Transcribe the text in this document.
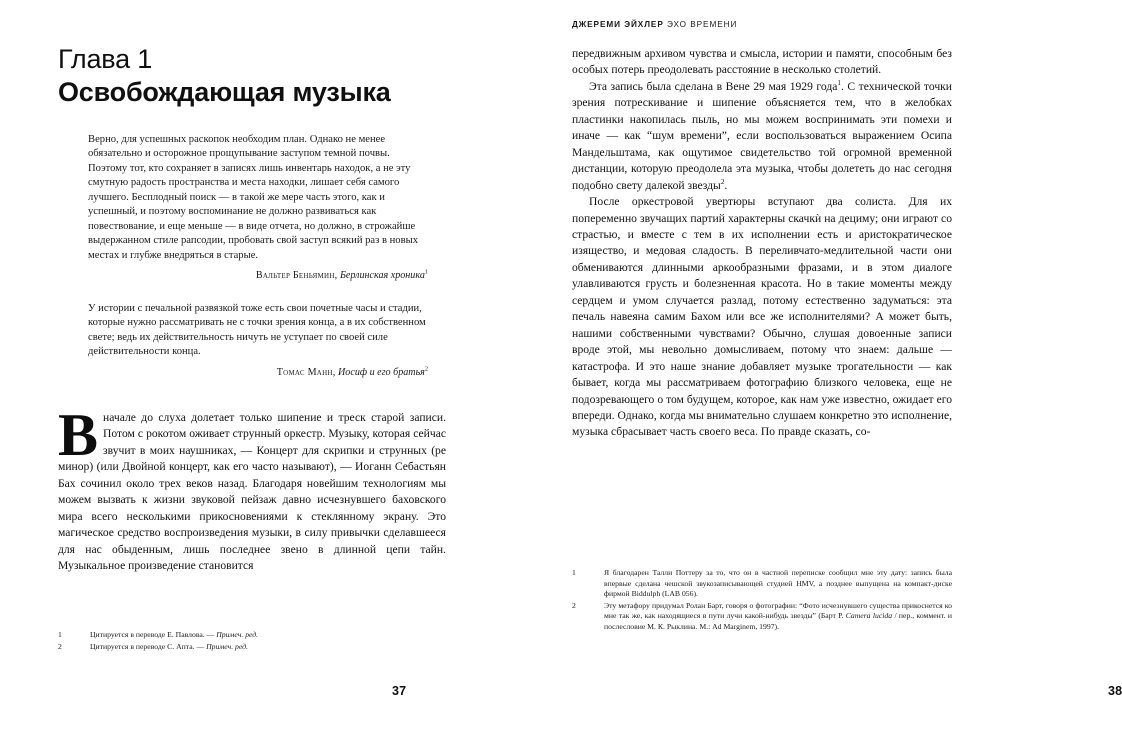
Глава 1
Освобождающая музыка
Верно, для успешных раскопок необходим план. Однако не менее обязательно и осторожное прощупывание заступом темной почвы. Поэтому тот, кто сохраняет в записях лишь инвентарь находок, а не эту смутную радость пространства и места находки, лишает себя самого лучшего. Бесплодный поиск — в такой же мере часть этого, как и успешный, и поэтому воспоминание не должно развиваться как повествование, и еще меньше — в виде отчета, но должно, в строжайше выдержанном стиле рапсодии, пробовать свой заступ всякий раз в новых местах и глубже внедряться в старые.
Вальтер Беньямин, Берлинская хроника$^1$
У истории с печальной развязкой тоже есть свои почетные часы и стадии, которые нужно рассматривать не с точки зрения конца, а в их собственном свете; ведь их действительность ничуть не уступает по своей силе действительности конца.
Томас Манн, Иосиф и его братья$^2$

Вначале до слуха долетает только шипение и треск старой записи. Потом с рокотом оживает струнный оркестр. Музыку, которая сейчас звучит в моих наушниках, — Концерт для скрипки и струнных (ре минор) (или Двойной концерт, как его часто называют), — Иоганн Себастьян Бах сочинил около трех веков назад. Благодаря новейшим технологиям мы можем вызвать к жизни звуковой пейзаж давно исчезнувшего баховского мира всего несколькими прикосновениями к стеклянному экрану. Это магическое средство воспроизведения музыки, в силу привычки сделавшееся для нас обыденным, лишь последнее звено в длинной цепи тайн. Музыкальное произведение становится

1	Цитируется в переводе Е. Павлова. — Примеч. ред.
2	Цитируется в переводе С. Апта. — Примеч. ред.
37
ДЖЕРЕМИ ЭЙХЛЕР ЭХО ВРЕМЕНИ

передвижным архивом чувства и смысла, истории и памяти, способным без особых потерь преодолевать расстояние в несколько столетий.

Эта запись была сделана в Вене 29 мая 1929 года$^1$. С технической точки зрения потрескивание и шипение объясняется тем, что в желобках пластинки накопилась пыль, но мы можем воспринимать эти помехи и иначе — как “шум времени”, если воспользоваться выражением Осипа Мандельштама, как ощутимое свидетельство той огромной временной дистанции, которую преодолела эта музыка, чтобы долететь до нас сегодня подобно свету далекой звезды$^2$.

После оркестровой увертюры вступают два солиста. Для их попеременно звучащих партий характерны скачкѝ на дециму; они играют со страстью, и вместе с тем в их исполнении есть и аристократическое изящество, и медовая сладость. В переливчато-медлительной части они обмениваются длинными аркообразными фразами, и в этом диалоге улавливаются грусть и болезненная красота. Но в такие моменты между сердцем и умом случается разлад, потому естественно задуматься: эта печаль навеяна самим Бахом или все же исполнителями? А может быть, нашими собственными чувствами? Обычно, слушая довоенные записи вроде этой, мы невольно домысливаем, потому что знаем: дальше — катастрофа. И это наше знание добавляет музыке трогательности — как бывает, когда мы рассматриваем фотографию близкого человека, еще не подозревающего о том будущем, которое, как нам уже известно, ожидает его впереди. Однако, когда мы внимательно слушаем конкретно это исполнение, музыка сбрасывает часть своего веса. По правде сказать, со-

1	Я благодарен Талли Поттеру за то, что он в частной переписке сообщил мне эту дату: запись была впервые сделана чешской звукозаписывающей студией HMV, а позднее выпущена на компакт-диске фирмой Biddulph (LAB 056).
2	Эту метафору придумал Ролан Барт, говоря о фотографии: “Фото исчезнувшего существа прикоснется ко мне так же, как находящиеся в пути лучи какой-нибудь звезды” (Барт Р. Camera lucida / пер., коммент. и послесловие М. К. Рыклина. М.: Ad Marginem, 1997).
38
